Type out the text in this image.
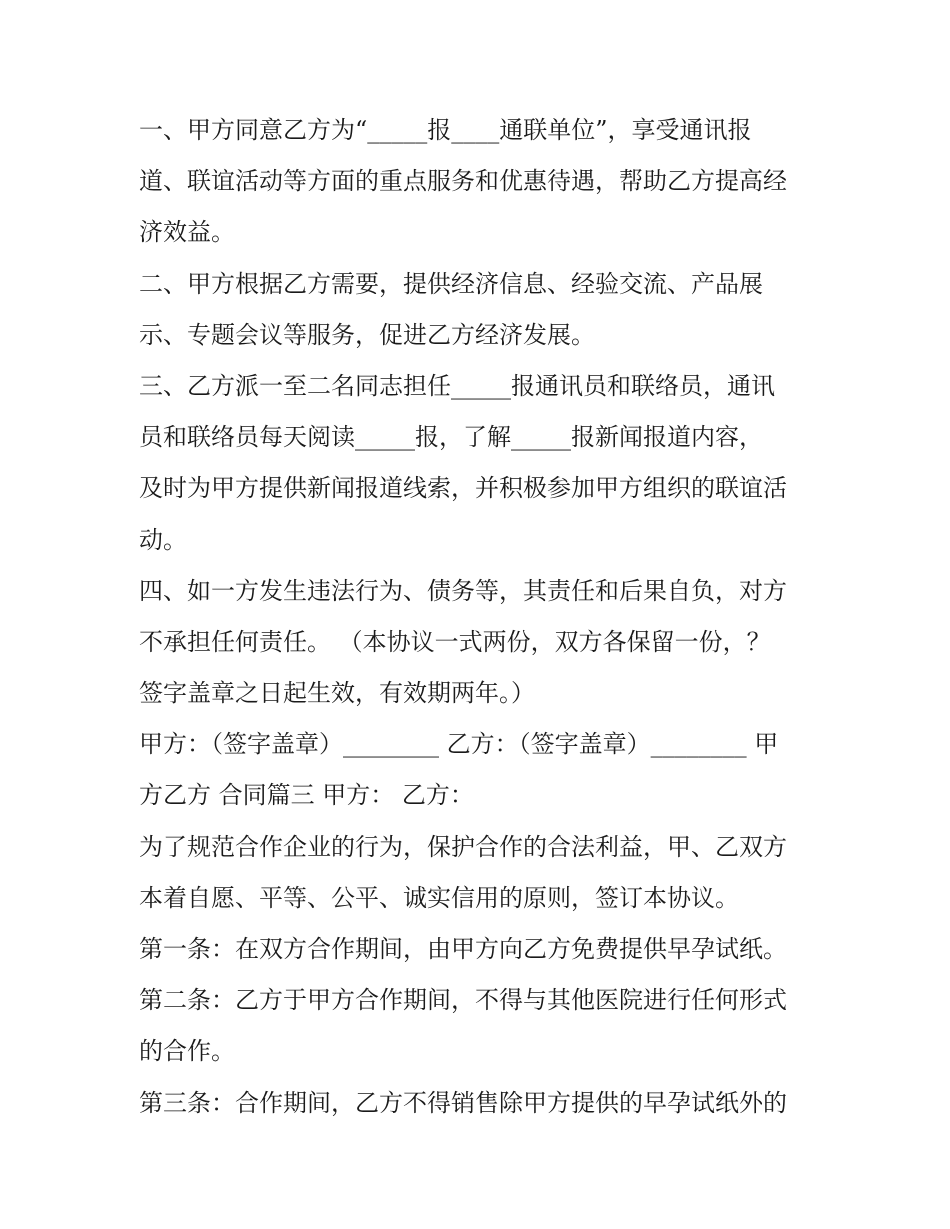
一、甲方同意乙方为“_____报____通联单位”，享受通讯报
道、联谊活动等方面的重点服务和优惠待遇，帮助乙方提高经
济效益。
二、甲方根据乙方需要，提供经济信息、经验交流、产品展
示、专题会议等服务，促进乙方经济发展。
三、乙方派一至二名同志担任_____报通讯员和联络员，通讯
员和联络员每天阅读_____报，了解_____报新闻报道内容，
及时为甲方提供新闻报道线索，并积极参加甲方组织的联谊活
动。
四、如一方发生违法行为、债务等，其责任和后果自负，对方
不承担任何责任。 （本协议一式两份，双方各保留一份，？
签字盖章之日起生效，有效期两年。）
甲方：（签字盖章）________ 乙方：（签字盖章）________ 甲
方乙方 合同篇三 甲方： 乙方：
为了规范合作企业的行为，保护合作的合法利益，甲、乙双方
本着自愿、平等、公平、诚实信用的原则，签订本协议。
第一条：在双方合作期间，由甲方向乙方免费提供早孕试纸。
第二条：乙方于甲方合作期间，不得与其他医院进行任何形式
的合作。
第三条：合作期间，乙方不得销售除甲方提供的早孕试纸外的
